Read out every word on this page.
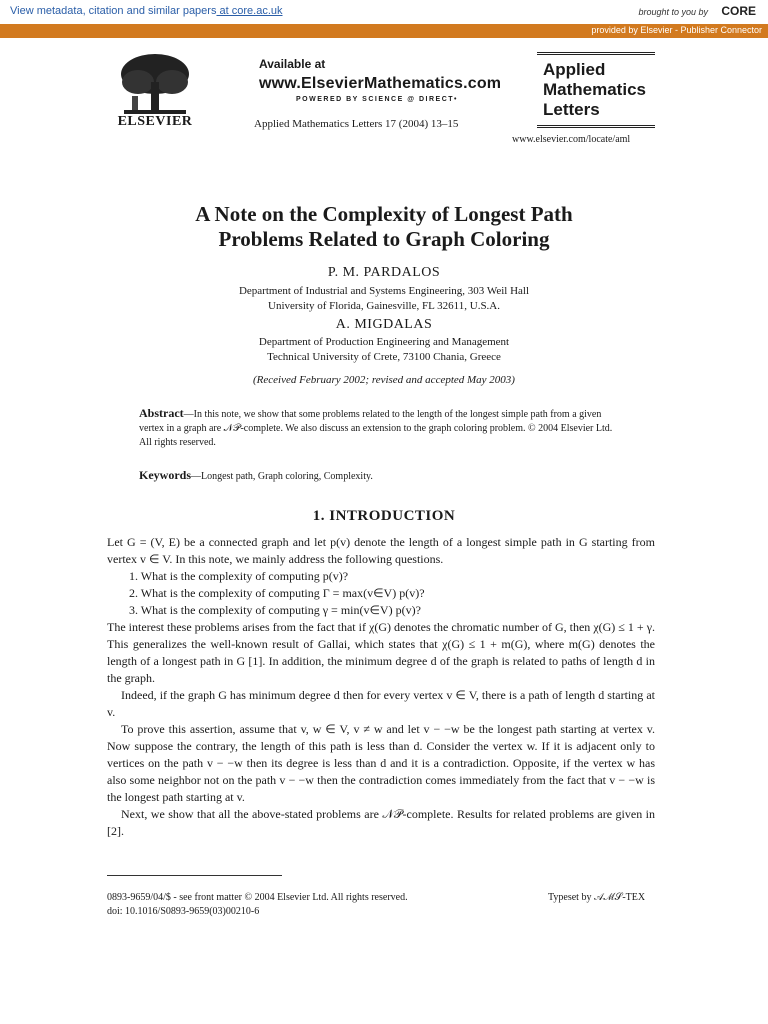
View metadata, citation and similar papers at core.ac.uk	brought to you by CORE
provided by Elsevier - Publisher Connector
ELSEVIER
Available at
www.ElsevierMathematics.com
POWERED BY SCIENCE @ DIRECT•
Applied Mathematics Letters 17 (2004) 13–15
Applied
Mathematics
Letters
www.elsevier.com/locate/aml
A Note on the Complexity of Longest Path
Problems Related to Graph Coloring
P. M. PARDALOS
Department of Industrial and Systems Engineering, 303 Weil Hall
University of Florida, Gainesville, FL 32611, U.S.A.
A. MIGDALAS
Department of Production Engineering and Management
Technical University of Crete, 73100 Chania, Greece
(Received February 2002; revised and accepted May 2003)
Abstract—In this note, we show that some problems related to the length of the longest simple path from a given vertex in a graph are 𝒩𝒫-complete. We also discuss an extension to the graph coloring problem. © 2004 Elsevier Ltd. All rights reserved.
Keywords—Longest path, Graph coloring, Complexity.
1. INTRODUCTION

Let G = (V, E) be a connected graph and let p(v) denote the length of a longest simple path in G starting from vertex v ∈ V. In this note, we mainly address the following questions.

1. What is the complexity of computing p(v)?
2. What is the complexity of computing Γ = max(v∈V) p(v)?
3. What is the complexity of computing γ = min(v∈V) p(v)?

The interest these problems arises from the fact that if χ(G) denotes the chromatic number of G, then χ(G) ≤ 1 + γ. This generalizes the well-known result of Gallai, which states that χ(G) ≤ 1 + m(G), where m(G) denotes the length of a longest path in G [1]. In addition, the minimum degree d of the graph is related to paths of length d in the graph.

Indeed, if the graph G has minimum degree d then for every vertex v ∈ V, there is a path of length d starting at v.

To prove this assertion, assume that v, w ∈ V, v ≠ w and let v − −w be the longest path starting at vertex v. Now suppose the contrary, the length of this path is less than d. Consider the vertex w. If it is adjacent only to vertices on the path v − −w then its degree is less than d and it is a contradiction. Opposite, if the vertex w has also some neighbor not on the path v − −w then the contradiction comes immediately from the fact that v − −w is the longest path starting at v.

Next, we show that all the above-stated problems are 𝒩𝒫-complete. Results for related problems are given in [2].

0893-9659/04/$ - see front matter © 2004 Elsevier Ltd. All rights reserved.
doi: 10.1016/S0893-9659(03)00210-6
Typeset by 𝒜ℳ𝒮-TEX
